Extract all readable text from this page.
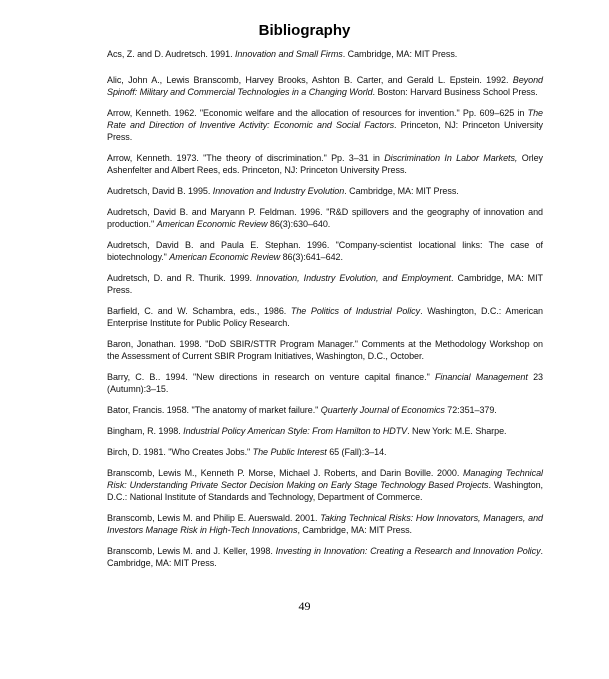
Bibliography

Acs, Z. and D. Audretsch. 1991. Innovation and Small Firms. Cambridge, MA: MIT Press.

Alic, John A., Lewis Branscomb, Harvey Brooks, Ashton B. Carter, and Gerald L. Epstein. 1992. Beyond Spinoff: Military and Commercial Technologies in a Changing World. Boston: Harvard Business School Press.

Arrow, Kenneth. 1962. "Economic welfare and the allocation of resources for invention." Pp. 609–625 in The Rate and Direction of Inventive Activity: Economic and Social Factors. Princeton, NJ: Princeton University Press.

Arrow, Kenneth. 1973. "The theory of discrimination." Pp. 3–31 in Discrimination In Labor Markets, Orley Ashenfelter and Albert Rees, eds. Princeton, NJ: Princeton University Press.

Audretsch, David B. 1995. Innovation and Industry Evolution. Cambridge, MA: MIT Press.

Audretsch, David B. and Maryann P. Feldman. 1996. "R&D spillovers and the geography of innovation and production." American Economic Review 86(3):630–640.

Audretsch, David B. and Paula E. Stephan. 1996. "Company-scientist locational links: The case of biotechnology." American Economic Review 86(3):641–642.

Audretsch, D. and R. Thurik. 1999. Innovation, Industry Evolution, and Employment. Cambridge, MA: MIT Press.

Barfield, C. and W. Schambra, eds., 1986. The Politics of Industrial Policy. Washington, D.C.: American Enterprise Institute for Public Policy Research.

Baron, Jonathan. 1998. "DoD SBIR/STTR Program Manager." Comments at the Methodology Workshop on the Assessment of Current SBIR Program Initiatives, Washington, D.C., October.

Barry, C. B.. 1994. "New directions in research on venture capital finance." Financial Management 23 (Autumn):3–15.

Bator, Francis. 1958. "The anatomy of market failure." Quarterly Journal of Economics 72:351–379.

Bingham, R. 1998. Industrial Policy American Style: From Hamilton to HDTV. New York: M.E. Sharpe.

Birch, D. 1981. "Who Creates Jobs." The Public Interest 65 (Fall):3–14.

Branscomb, Lewis M., Kenneth P. Morse, Michael J. Roberts, and Darin Boville. 2000. Managing Technical Risk: Understanding Private Sector Decision Making on Early Stage Technology Based Projects. Washington, D.C.: National Institute of Standards and Technology, Department of Commerce.

Branscomb, Lewis M. and Philip E. Auerswald. 2001. Taking Technical Risks: How Innovators, Managers, and Investors Manage Risk in High-Tech Innovations, Cambridge, MA: MIT Press.

Branscomb, Lewis M. and J. Keller, 1998. Investing in Innovation: Creating a Research and Innovation Policy. Cambridge, MA: MIT Press.

49
